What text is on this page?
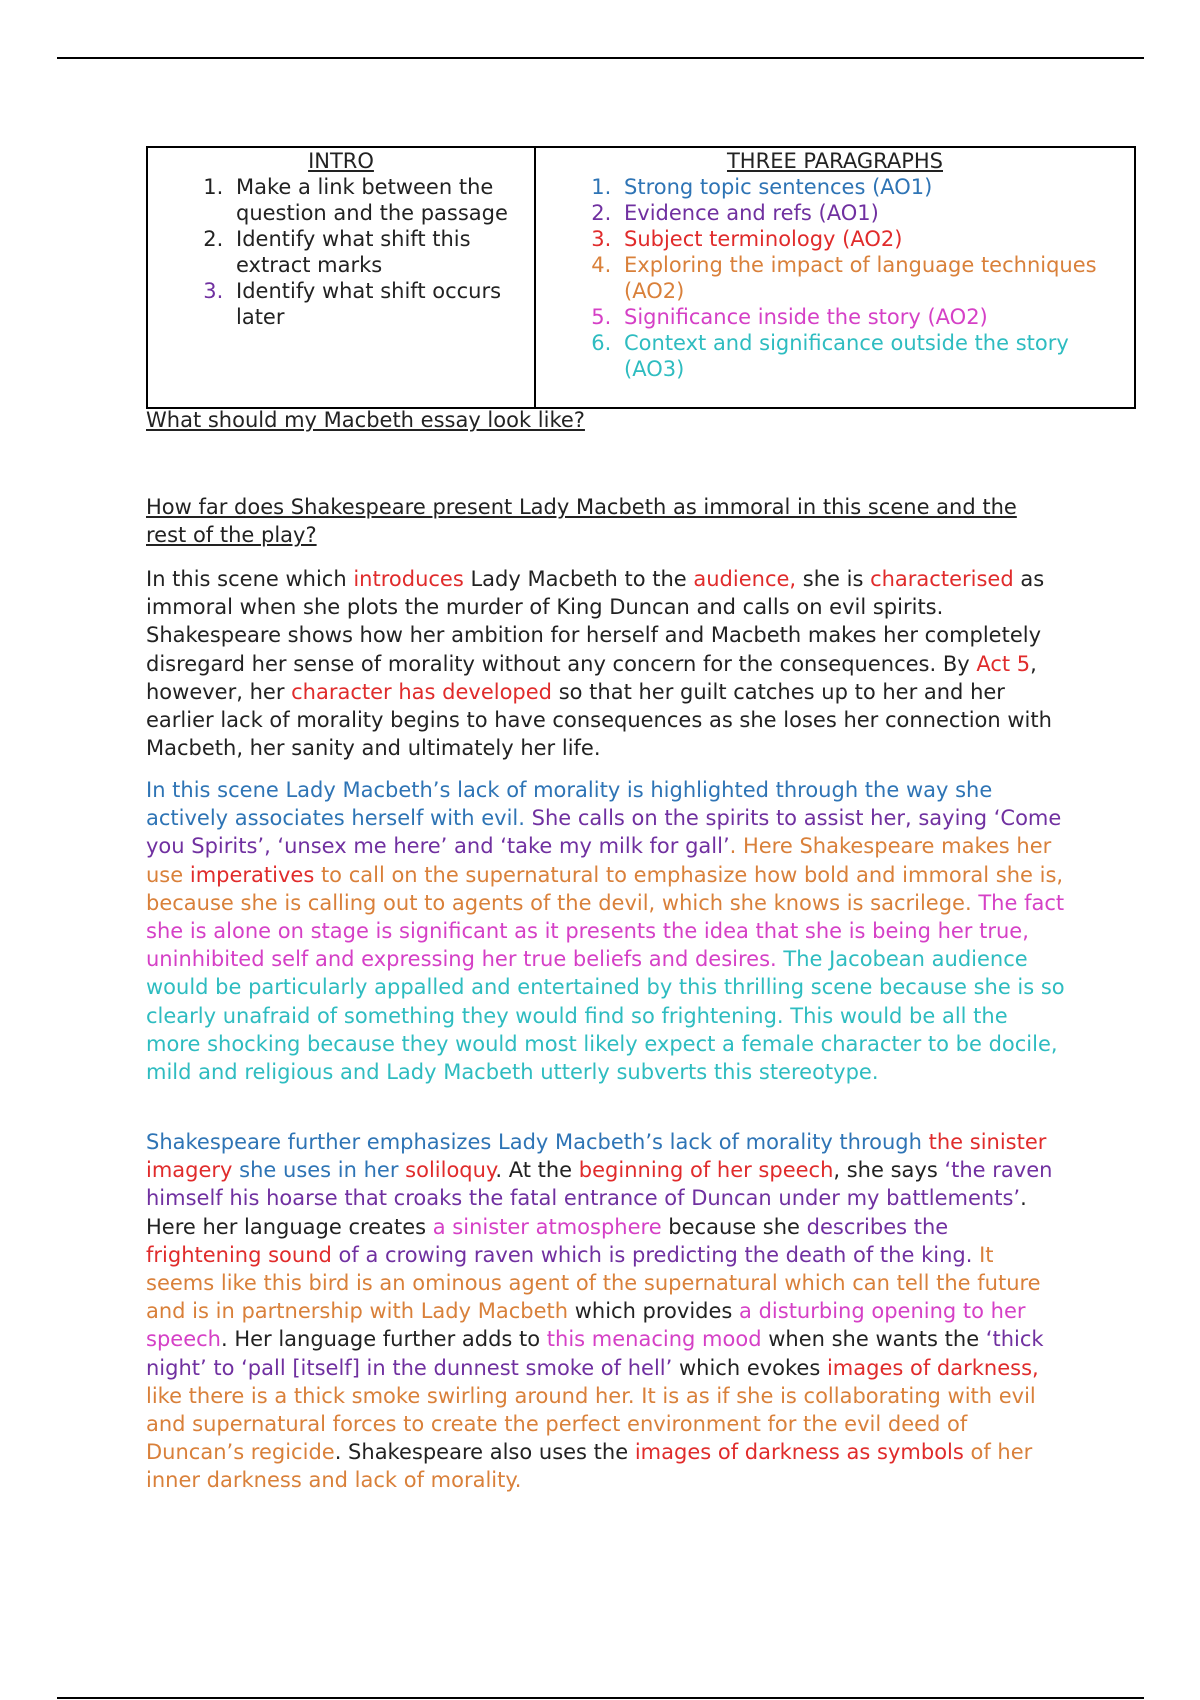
INTRO
1. Make a link between the question and the passage
2. Identify what shift this extract marks
3. Identify what shift occurs later

THREE PARAGRAPHS
1. Strong topic sentences (AO1)
2. Evidence and refs (AO1)
3. Subject terminology (AO2)
4. Exploring the impact of language techniques (AO2)
5. Significance inside the story (AO2)
6. Context and significance outside the story (AO3)
What should my Macbeth essay look like?
How far does Shakespeare present Lady Macbeth as immoral in this scene and the rest of the play?

In this scene which introduces Lady Macbeth to the audience, she is characterised as immoral when she plots the murder of King Duncan and calls on evil spirits. Shakespeare shows how her ambition for herself and Macbeth makes her completely disregard her sense of morality without any concern for the consequences. By Act 5, however, her character has developed so that her guilt catches up to her and her earlier lack of morality begins to have consequences as she loses her connection with Macbeth, her sanity and ultimately her life.

In this scene Lady Macbeth’s lack of morality is highlighted through the way she actively associates herself with evil. She calls on the spirits to assist her, saying ‘Come you Spirits’, ‘unsex me here’ and ‘take my milk for gall’. Here Shakespeare makes her use imperatives to call on the supernatural to emphasize how bold and immoral she is, because she is calling out to agents of the devil, which she knows is sacrilege. The fact she is alone on stage is significant as it presents the idea that she is being her true, uninhibited self and expressing her true beliefs and desires. The Jacobean audience would be particularly appalled and entertained by this thrilling scene because she is so clearly unafraid of something they would find so frightening. This would be all the more shocking because they would most likely expect a female character to be docile, mild and religious and Lady Macbeth utterly subverts this stereotype.

Shakespeare further emphasizes Lady Macbeth’s lack of morality through the sinister imagery she uses in her soliloquy. At the beginning of her speech, she says ‘the raven himself his hoarse that croaks the fatal entrance of Duncan under my battlements’. Here her language creates a sinister atmosphere because she describes the frightening sound of a crowing raven which is predicting the death of the king. It seems like this bird is an ominous agent of the supernatural which can tell the future and is in partnership with Lady Macbeth which provides a disturbing opening to her speech. Her language further adds to this menacing mood when she wants the ‘thick night’ to ‘pall [itself] in the dunnest smoke of hell’ which evokes images of darkness, like there is a thick smoke swirling around her. It is as if she is collaborating with evil and supernatural forces to create the perfect environment for the evil deed of Duncan’s regicide. Shakespeare also uses the images of darkness as symbols of her inner darkness and lack of morality.
